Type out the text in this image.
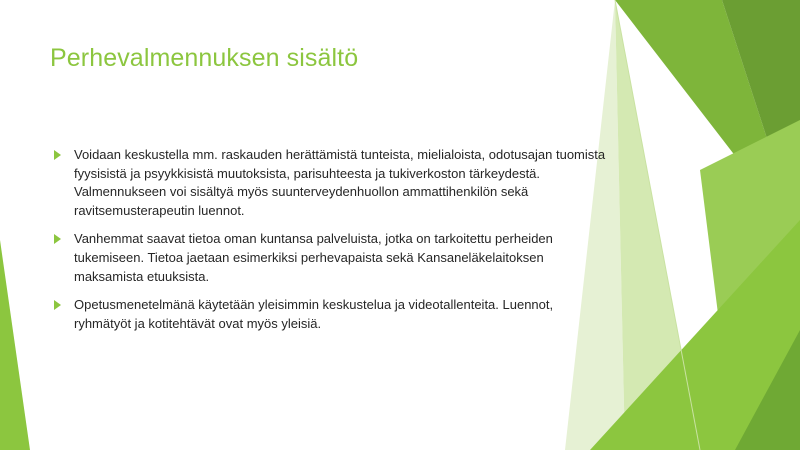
Perhevalmennuksen sisältö
Voidaan keskustella mm. raskauden herättämistä tunteista, mielialoista, odotusajan tuomista fyysisistä ja psyykkisistä muutoksista, parisuhteesta ja tukiverkoston tärkeydestä. Valmennukseen voi sisältyä myös suunterveydenhuollon ammattihenkilön sekä ravitsemusterapeutin luennot.
Vanhemmat saavat tietoa oman kuntansa palveluista, jotka on tarkoitettu perheiden tukemiseen. Tietoa jaetaan esimerkiksi perhevapaista sekä Kansaneläkelaitoksen maksamista etuuksista.
Opetusmenetelmänä käytetään yleisimmin keskustelua ja videotallenteita. Luennot, ryhmätyöt ja kotitehtävät ovat myös yleisiä.
